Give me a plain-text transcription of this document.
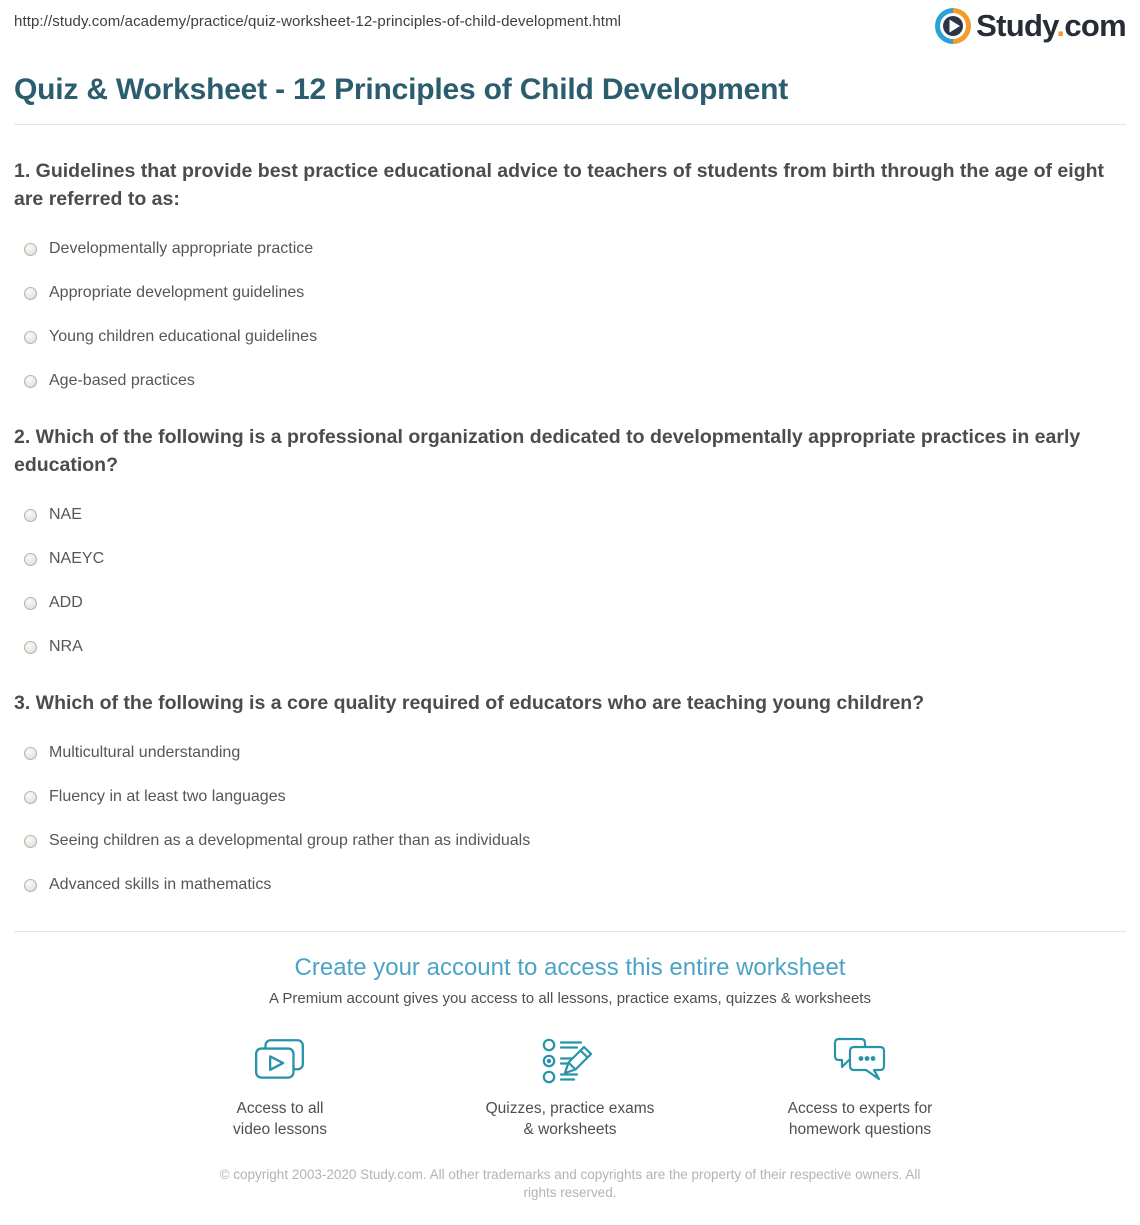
http://study.com/academy/practice/quiz-worksheet-12-principles-of-child-development.html	Study.com
Quiz & Worksheet - 12 Principles of Child Development
1. Guidelines that provide best practice educational advice to teachers of students from birth through the age of eight are referred to as:
Developmentally appropriate practice
Appropriate development guidelines
Young children educational guidelines
Age-based practices
2. Which of the following is a professional organization dedicated to developmentally appropriate practices in early education?
NAE
NAEYC
ADD
NRA
3. Which of the following is a core quality required of educators who are teaching young children?
Multicultural understanding
Fluency in at least two languages
Seeing children as a developmental group rather than as individuals
Advanced skills in mathematics
Create your account to access this entire worksheet

A Premium account gives you access to all lessons, practice exams, quizzes & worksheets

Access to all
video lessons
Quizzes, practice exams
& worksheets
Access to experts for
homework questions

© copyright 2003-2020 Study.com. All other trademarks and copyrights are the property of their respective owners. All rights reserved.
